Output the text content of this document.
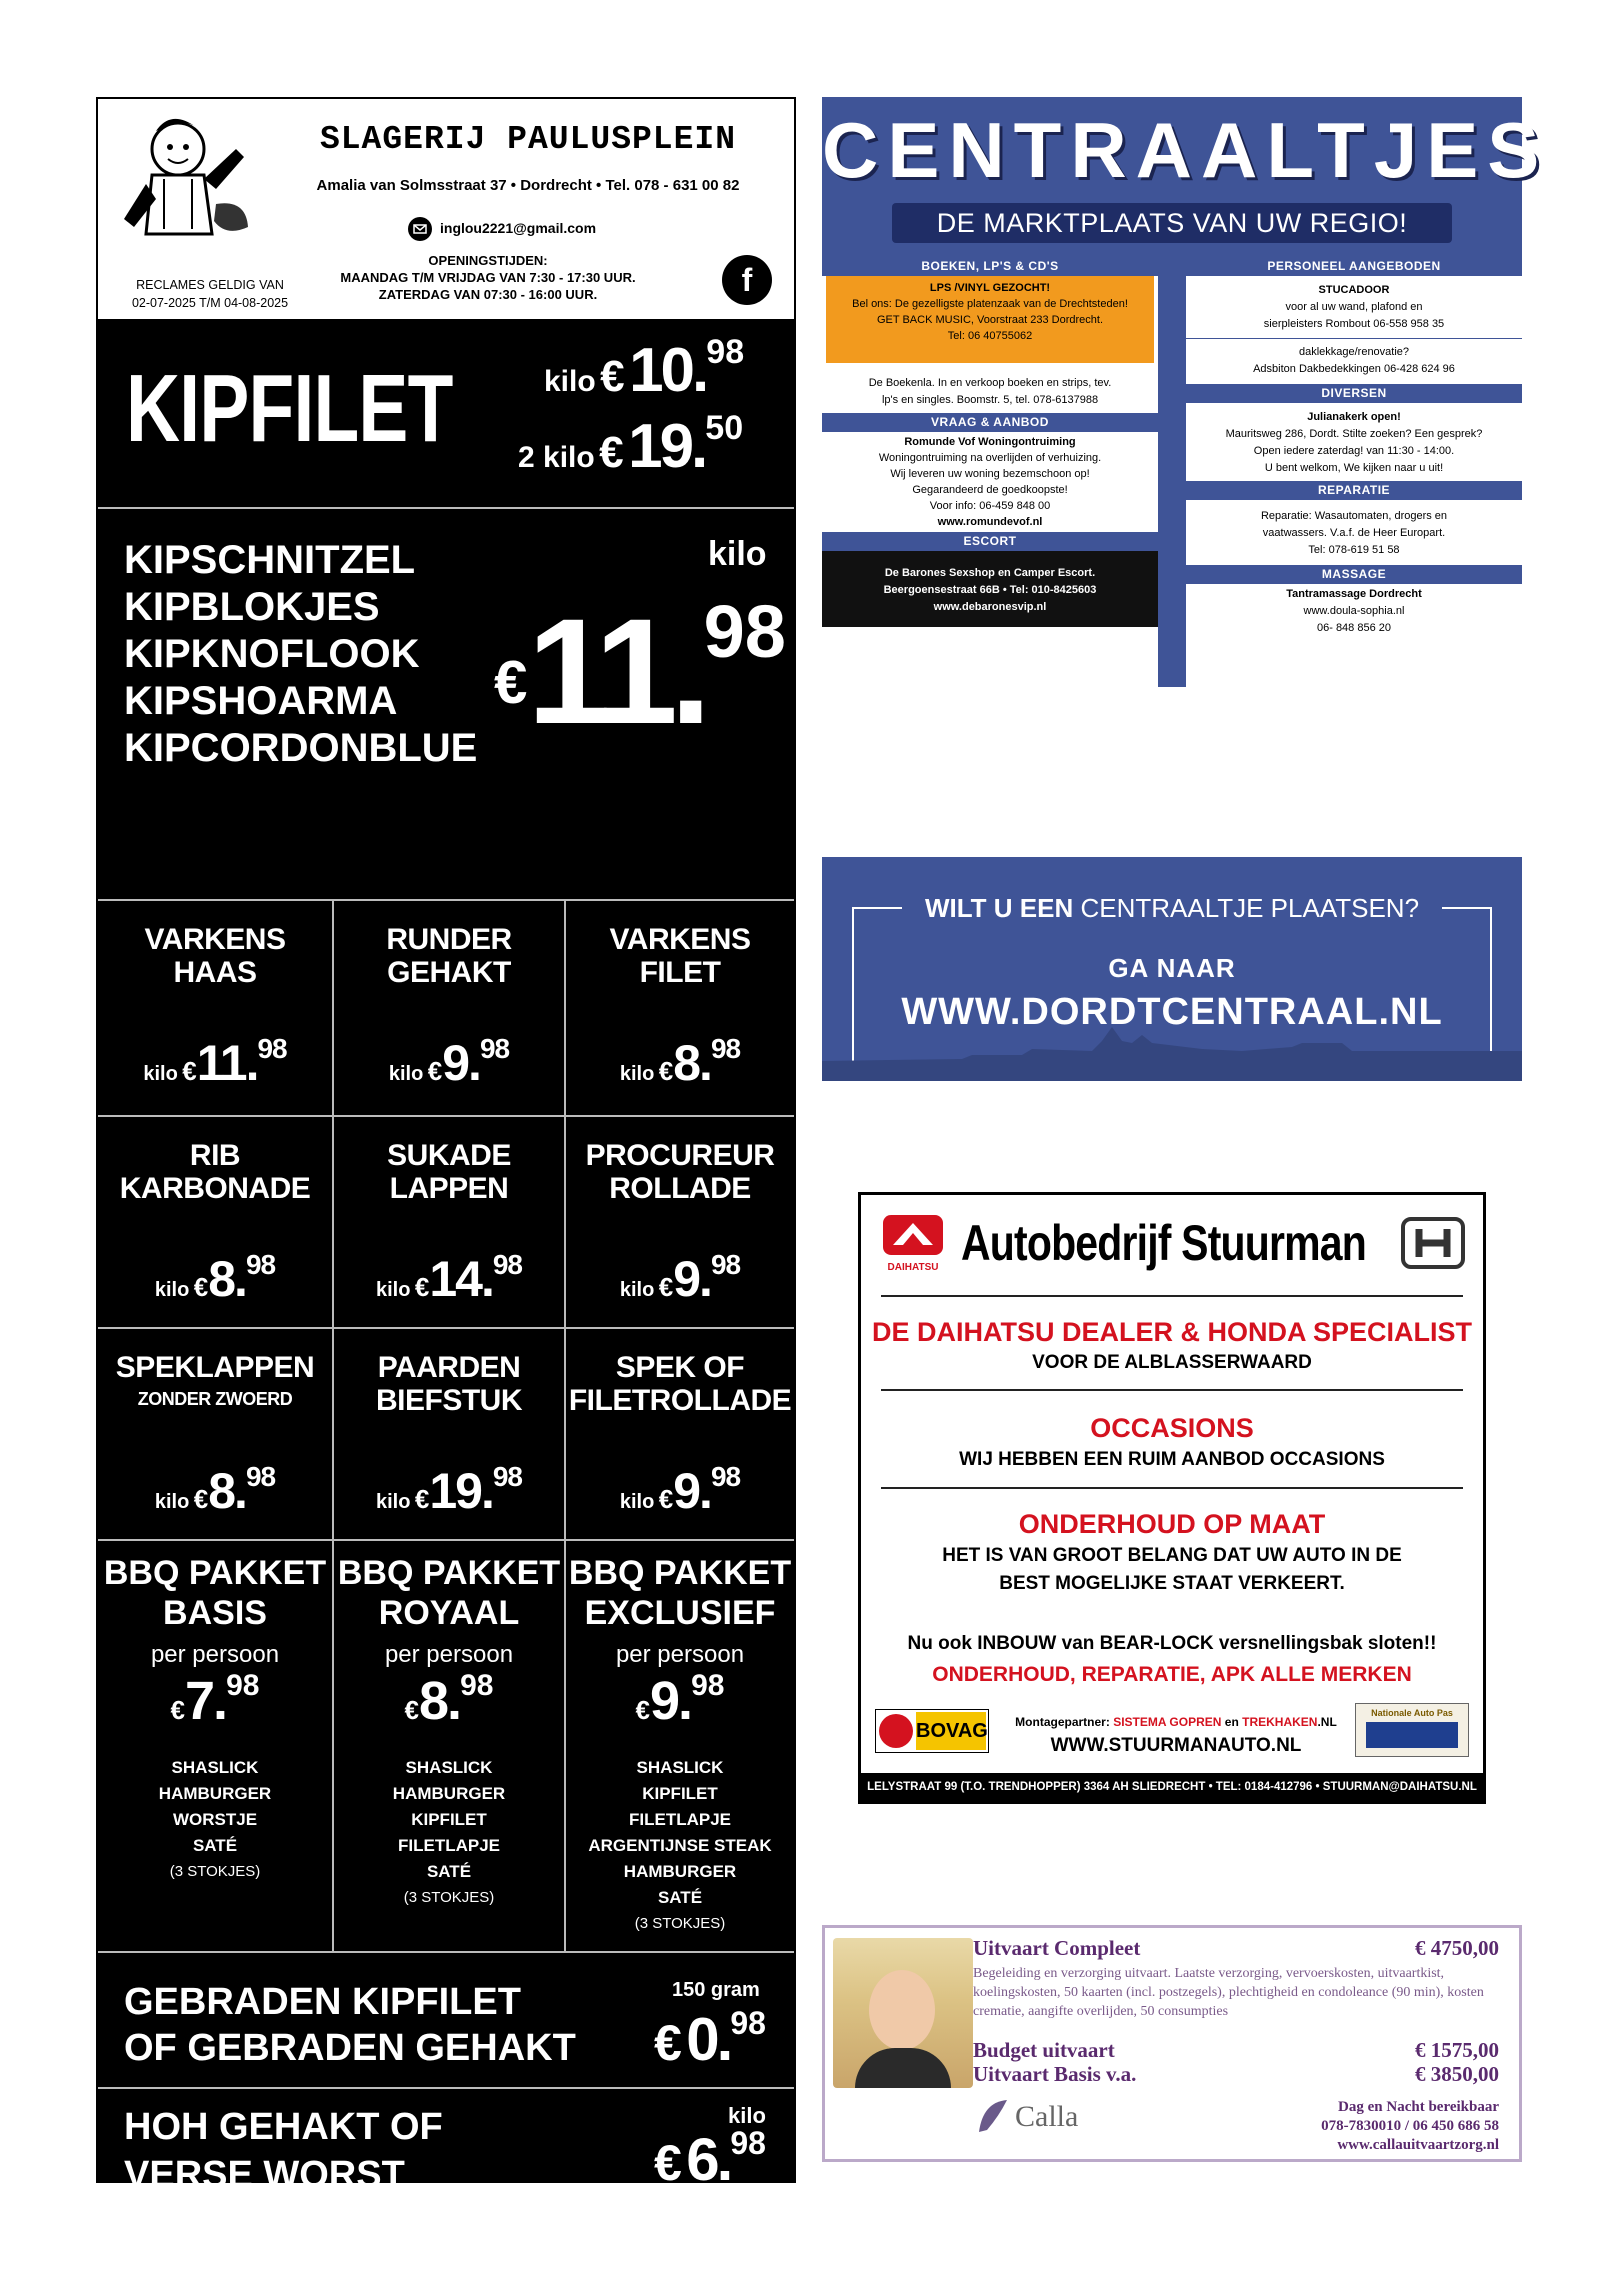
SLAGERIJ PAULUSPLEIN
Amalia van Solmsstraat 37 • Dordrecht • Tel. 078 - 631 00 82
inglou2221@gmail.com
OPENINGSTIJDEN:
MAANDAG T/M VRIJDAG VAN 7:30 - 17:30 UUR.
ZATERDAG VAN 07:30 - 16:00 UUR.
RECLAMES GELDIG VAN
02-07-2025 T/M 04-08-2025
f
KIPFILET	kilo € 10.98
2 kilo € 19.50
KIPSCHNITZEL
KIPBLOKJES
KIPKNOFLOOK
KIPSHOARMA
KIPCORDONBLUE
kilo
€11.98
VARKENS
HAAS
kilo €11.98
RUNDER
GEHAKT
kilo €9.98
VARKENS
FILET
kilo €8.98
RIB
KARBONADE
kilo €8.98
SUKADE
LAPPEN
kilo €14.98
PROCUREUR
ROLLADE
kilo €9.98
SPEKLAPPEN
ZONDER ZWOERD
kilo €8.98
PAARDEN
BIEFSTUK
kilo €19.98
SPEK OF
FILETROLLADE
kilo €9.98
BBQ PAKKET
BASIS
per persoon
€7.98
SHASLICK
HAMBURGER
WORSTJE
SATÉ
(3 STOKJES)
BBQ PAKKET
ROYAAL
per persoon
€8.98
SHASLICK
HAMBURGER
KIPFILET
FILETLAPJE
SATÉ
(3 STOKJES)
BBQ PAKKET
EXCLUSIEF
per persoon
€9.98
SHASLICK
KIPFILET
FILETLAPJE
ARGENTIJNSE STEAK
HAMBURGER
SATÉ
(3 STOKJES)
GEBRADEN KIPFILET
OF GEBRADEN GEHAKT
150 gram
€ 0.98
HOH GEHAKT OF
VERSE WORST
kilo
€ 6.98
CENTRAALTJES
DE MARKTPLAATS VAN UW REGIO!
BOEKEN, LP'S & CD'S
LPS /VINYL GEZOCHT!
Bel ons: De gezelligste platenzaak van de Drechtsteden!
GET BACK MUSIC, Voorstraat 233 Dordrecht.
Tel: 06 40755062
De Boekenla. In en verkoop boeken en strips, tev.
lp's en singles. Boomstr. 5, tel. 078-6137988
VRAAG & AANBOD
Romunde Vof Woningontruiming
Woningontruiming na overlijden of verhuizing.
Wij leveren uw woning bezemschoon op!
Gegarandeerd de goedkoopste!
Voor info: 06-459 848 00
www.romundevof.nl
ESCORT
De Barones Sexshop en Camper Escort.
Beergoensestraat 66B • Tel: 010-8425603
www.debaronesvip.nl
PERSONEEL AANGEBODEN
STUCADOOR
voor al uw wand, plafond en
sierpleisters Rombout 06-558 958 35
daklekkage/renovatie?
Adsbiton Dakbedekkingen 06-428 624 96
DIVERSEN
Julianakerk open!
Mauritsweg 286, Dordt. Stilte zoeken? Een gesprek?
Open iedere zaterdag! van 11:30 - 14:00.
U bent welkom, We kijken naar u uit!
REPARATIE
Reparatie: Wasautomaten, drogers en
vaatwassers. V.a.f. de Heer Europart.
Tel: 078-619 51 58
MASSAGE
Tantramassage Dordrecht
www.doula-sophia.nl
06- 848 856 20
WILT U EEN CENTRAALTJE PLAATSEN?
GA NAAR
WWW.DORDTCENTRAAL.NL
DAIHATSU Autobedrijf Stuurman
DE DAIHATSU DEALER & HONDA SPECIALIST
VOOR DE ALBLASSERWAARD
OCCASIONS
WIJ HEBBEN EEN RUIM AANBOD OCCASIONS
ONDERHOUD OP MAAT
HET IS VAN GROOT BELANG DAT UW AUTO IN DE
BEST MOGELIJKE STAAT VERKEERT.
Nu ook INBOUW van BEAR-LOCK versnellingsbak sloten!!
ONDERHOUD, REPARATIE, APK ALLE MERKEN
BOVAG	Montagepartner: SISTEMA GOPREN en TREKHAKEN.NL
WWW.STUURMANAUTO.NL
Nationale Auto Pas
LELYSTRAAT 99 (T.O. TRENDHOPPER) 3364 AH SLIEDRECHT • TEL: 0184-412796 • STUURMAN@DAIHATSU.NL
Calla
Uitvaart Compleet	€ 4750,00
Begeleiding en verzorging uitvaart. Laatste verzorging, vervoerskosten, uitvaartkist, koelingskosten, 50 kaarten (incl. postzegels), plechtigheid en condoleance (90 min), kosten crematie, aangifte overlijden, 50 consumpties
Budget uitvaart	€ 1575,00
Uitvaart Basis v.a.	€ 3850,00
Dag en Nacht bereikbaar
078-7830010 / 06 450 686 58
www.callauitvaartzorg.nl
